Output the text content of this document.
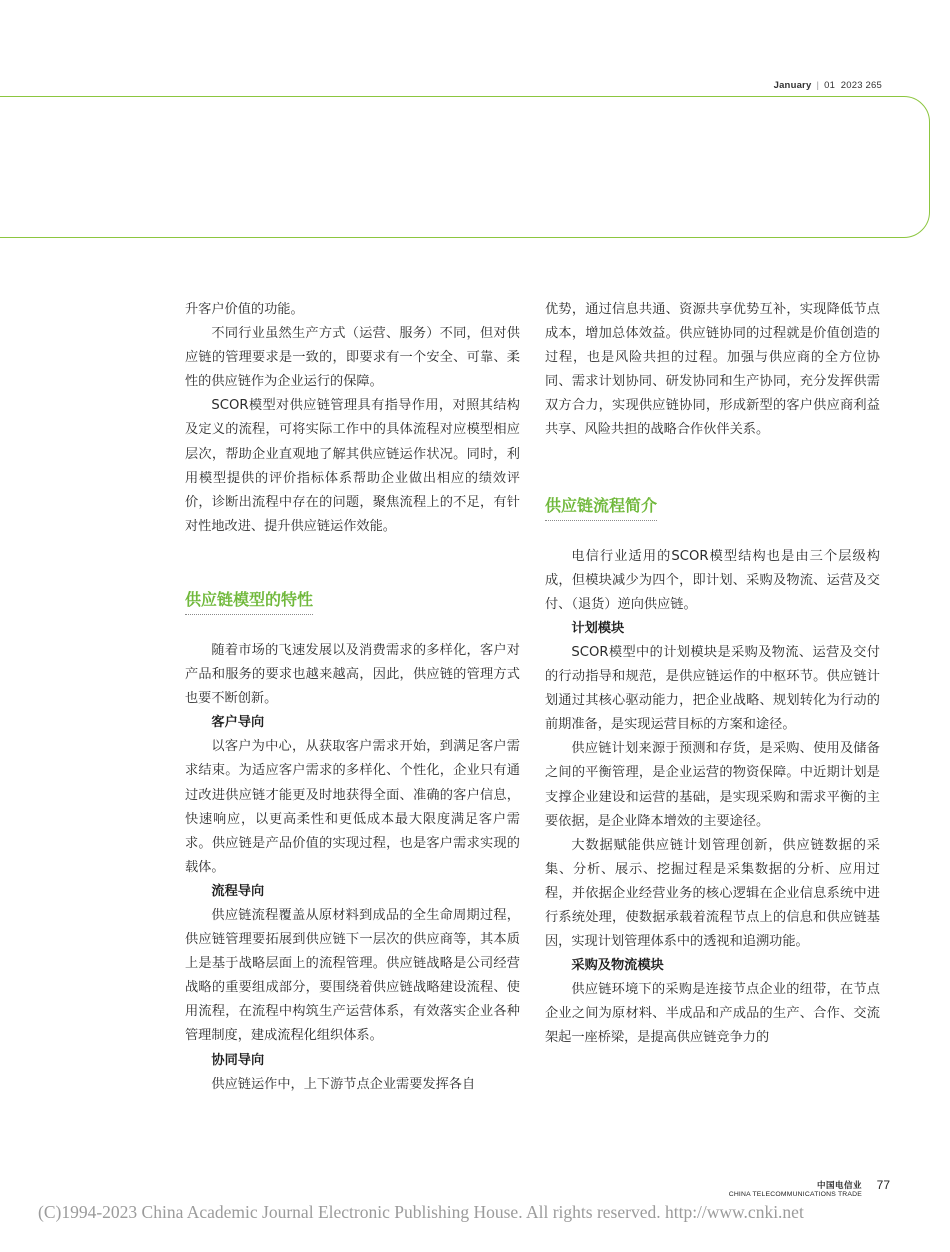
January | 01 2023 265

升客户价值的功能。

不同行业虽然生产方式（运营、服务）不同，但对供应链的管理要求是一致的，即要求有一个安全、可靠、柔性的供应链作为企业运行的保障。

SCOR模型对供应链管理具有指导作用，对照其结构及定义的流程，可将实际工作中的具体流程对应模型相应层次，帮助企业直观地了解其供应链运作状况。同时，利用模型提供的评价指标体系帮助企业做出相应的绩效评价，诊断出流程中存在的问题，聚焦流程上的不足，有针对性地改进、提升供应链运作效能。

供应链模型的特性

随着市场的飞速发展以及消费需求的多样化，客户对产品和服务的要求也越来越高，因此，供应链的管理方式也要不断创新。

客户导向

以客户为中心，从获取客户需求开始，到满足客户需求结束。为适应客户需求的多样化、个性化，企业只有通过改进供应链才能更及时地获得全面、准确的客户信息，快速响应，以更高柔性和更低成本最大限度满足客户需求。供应链是产品价值的实现过程，也是客户需求实现的载体。

流程导向

供应链流程覆盖从原材料到成品的全生命周期过程，供应链管理要拓展到供应链下一层次的供应商等，其本质上是基于战略层面上的流程管理。供应链战略是公司经营战略的重要组成部分，要围绕着供应链战略建设流程、使用流程，在流程中构筑生产运营体系，有效落实企业各种管理制度，建成流程化组织体系。

协同导向

供应链运作中，上下游节点企业需要发挥各自

优势，通过信息共通、资源共享优势互补，实现降低节点成本，增加总体效益。供应链协同的过程就是价值创造的过程，也是风险共担的过程。加强与供应商的全方位协同、需求计划协同、研发协同和生产协同，充分发挥供需双方合力，实现供应链协同，形成新型的客户供应商利益共享、风险共担的战略合作伙伴关系。

供应链流程简介

电信行业适用的SCOR模型结构也是由三个层级构成，但模块减少为四个，即计划、采购及物流、运营及交付、（退货）逆向供应链。

计划模块

SCOR模型中的计划模块是采购及物流、运营及交付的行动指导和规范，是供应链运作的中枢环节。供应链计划通过其核心驱动能力，把企业战略、规划转化为行动的前期准备，是实现运营目标的方案和途径。

供应链计划来源于预测和存货，是采购、使用及储备之间的平衡管理，是企业运营的物资保障。中近期计划是支撑企业建设和运营的基础，是实现采购和需求平衡的主要依据，是企业降本增效的主要途径。

大数据赋能供应链计划管理创新，供应链数据的采集、分析、展示、挖掘过程是采集数据的分析、应用过程，并依据企业经营业务的核心逻辑在企业信息系统中进行系统处理，使数据承载着流程节点上的信息和供应链基因，实现计划管理体系中的透视和追溯功能。

采购及物流模块

供应链环境下的采购是连接节点企业的纽带，在节点企业之间为原材料、半成品和产成品的生产、合作、交流架起一座桥梁，是提高供应链竞争力的

中国电信业
CHINA TELECOMMUNICATIONS TRADE
77
(C)1994-2023 China Academic Journal Electronic Publishing House. All rights reserved. http://www.cnki.net
